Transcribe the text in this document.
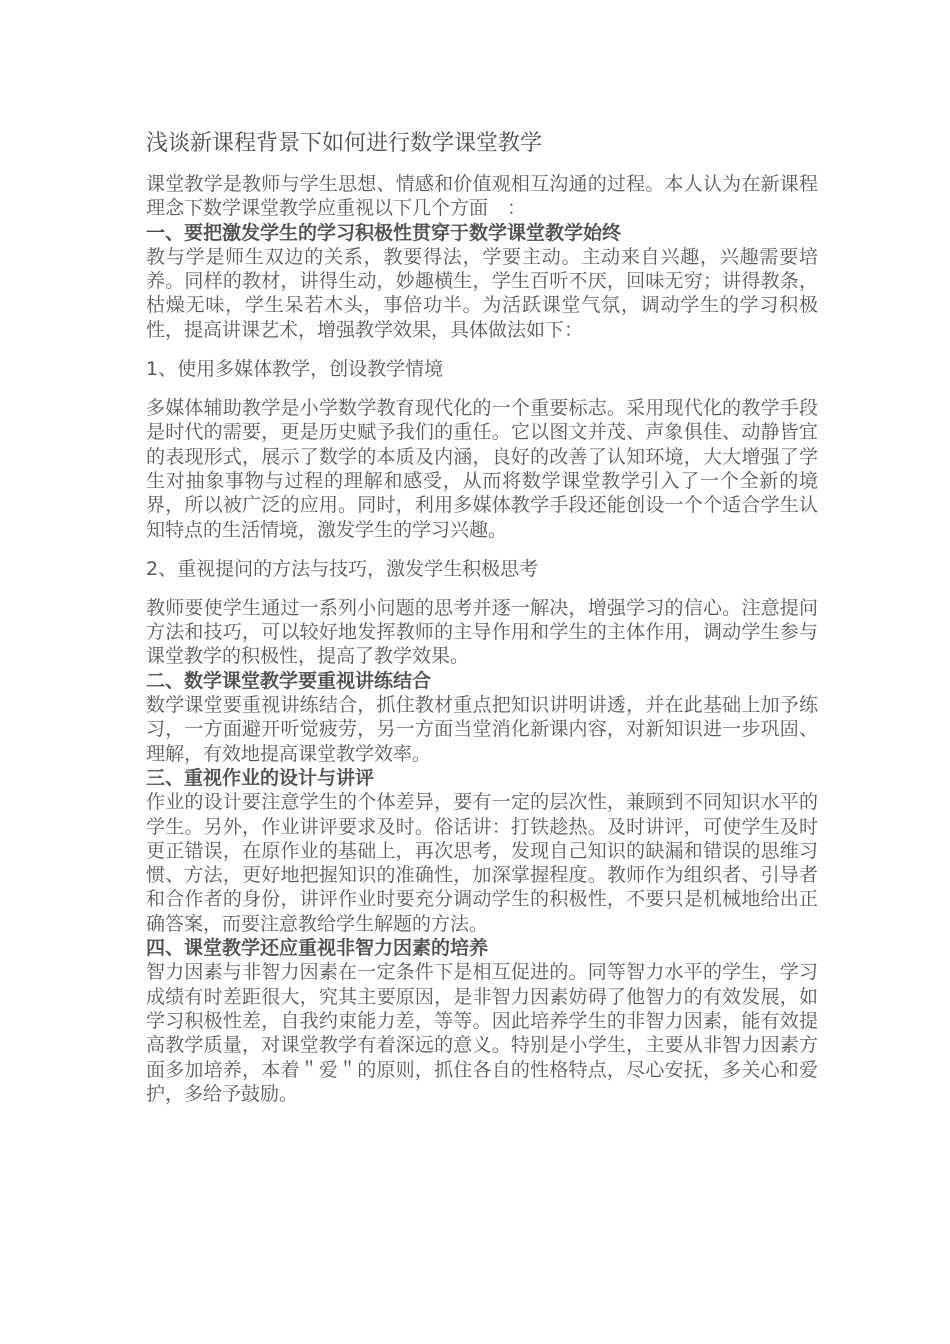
浅谈新课程背景下如何进行数学课堂教学

课堂教学是教师与学生思想、情感和价值观相互沟通的过程。本人认为在新课程理念下数学课堂教学应重视以下几个方面　：

一、要把激发学生的学习积极性贯穿于数学课堂教学始终

教与学是师生双边的关系，教要得法，学要主动。主动来自兴趣，兴趣需要培养。同样的教材，讲得生动，妙趣横生，学生百听不厌，回味无穷；讲得教条，枯燥无味，学生呆若木头，事倍功半。为活跃课堂气氛，调动学生的学习积极性，提高讲课艺术，增强教学效果，具体做法如下：

1、使用多媒体教学，创设教学情境

多媒体辅助教学是小学数学教育现代化的一个重要标志。采用现代化的教学手段是时代的需要，更是历史赋予我们的重任。它以图文并茂、声象俱佳、动静皆宜的表现形式，展示了数学的本质及内涵，良好的改善了认知环境，大大增强了学生对抽象事物与过程的理解和感受，从而将数学课堂教学引入了一个全新的境界，所以被广泛的应用。同时，利用多媒体教学手段还能创设一个个适合学生认知特点的生活情境，激发学生的学习兴趣。

2、重视提问的方法与技巧，激发学生积极思考

教师要使学生通过一系列小问题的思考并逐一解决，增强学习的信心。注意提问方法和技巧，可以较好地发挥教师的主导作用和学生的主体作用，调动学生参与课堂教学的积极性，提高了教学效果。

二、数学课堂教学要重视讲练结合

数学课堂要重视讲练结合，抓住教材重点把知识讲明讲透，并在此基础上加予练习，一方面避开听觉疲劳，另一方面当堂消化新课内容，对新知识进一步巩固、理解，有效地提高课堂教学效率。

三、重视作业的设计与讲评

作业的设计要注意学生的个体差异，要有一定的层次性，兼顾到不同知识水平的学生。另外，作业讲评要求及时。俗话讲：打铁趁热。及时讲评，可使学生及时更正错误，在原作业的基础上，再次思考，发现自己知识的缺漏和错误的思维习惯、方法，更好地把握知识的准确性，加深掌握程度。教师作为组织者、引导者和合作者的身份，讲评作业时要充分调动学生的积极性，不要只是机械地给出正确答案，而要注意教给学生解题的方法。

四、课堂教学还应重视非智力因素的培养

智力因素与非智力因素在一定条件下是相互促进的。同等智力水平的学生，学习成绩有时差距很大，究其主要原因，是非智力因素妨碍了他智力的有效发展，如学习积极性差，自我约束能力差，等等。因此培养学生的非智力因素，能有效提高教学质量，对课堂教学有着深远的意义。特别是小学生，主要从非智力因素方面多加培养，本着＂爱＂的原则，抓住各自的性格特点，尽心安抚，多关心和爱护，多给予鼓励。
